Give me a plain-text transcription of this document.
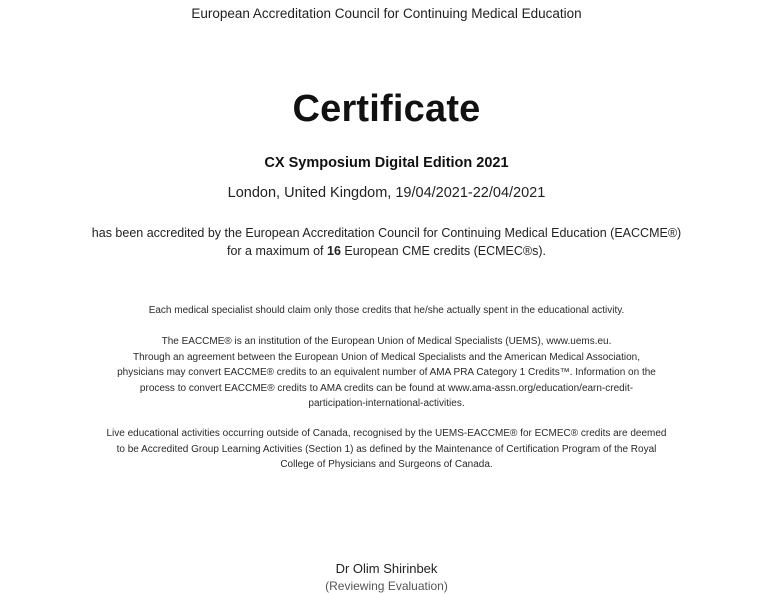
European Accreditation Council for Continuing Medical Education
Certificate
CX Symposium Digital Edition 2021
London, United Kingdom, 19/04/2021-22/04/2021
has been accredited by the European Accreditation Council for Continuing Medical Education (EACCME®)
for a maximum of 16 European CME credits (ECMEC®s).
Each medical specialist should claim only those credits that he/she actually spent in the educational activity.
The EACCME® is an institution of the European Union of Medical Specialists (UEMS), www.uems.eu.
Through an agreement between the European Union of Medical Specialists and the American Medical Association,
physicians may convert EACCME® credits to an equivalent number of AMA PRA Category 1 Credits™. Information on the
process to convert EACCME® credits to AMA credits can be found at www.ama-assn.org/education/earn-credit-
participation-international-activities.
Live educational activities occurring outside of Canada, recognised by the UEMS-EACCME® for ECMEC® credits are deemed
to be Accredited Group Learning Activities (Section 1) as defined by the Maintenance of Certification Program of the Royal
College of Physicians and Surgeons of Canada.
Dr Olim Shirinbek
(Reviewing Evaluation)
